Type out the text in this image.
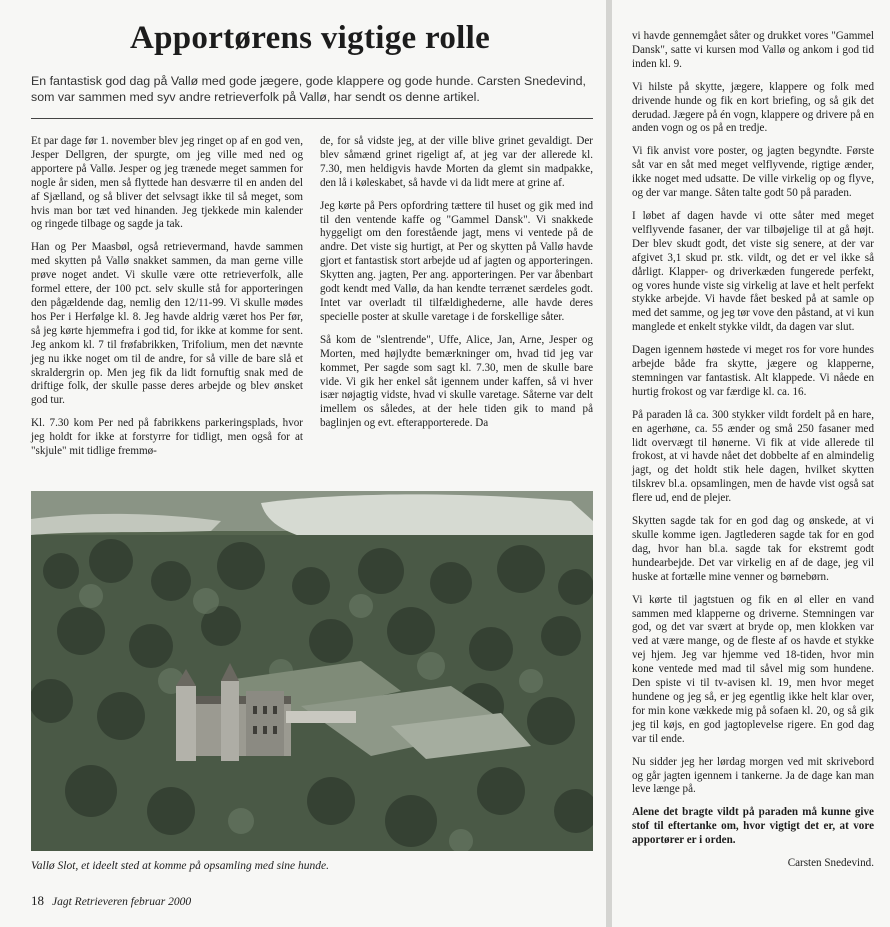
Apportørens vigtige rolle

En fantastisk god dag på Vallø med gode jægere, gode klappere og gode hunde. Carsten Snedevind, som var sammen med syv andre retrieverfolk på Vallø, har sendt os denne artikel.

Et par dage før 1. november blev jeg ringet op af en god ven, Jesper Dellgren, der spurgte, om jeg ville med ned og apportere på Vallø. Jesper og jeg trænede meget sammen for nogle år siden, men så flyttede han desværre til en anden del af Sjælland, og så bliver det selvsagt ikke til så meget, som hvis man bor tæt ved hinanden. Jeg tjekkede min kalender og ringede tilbage og sagde ja tak.

Han og Per Maasbøl, også retrievermand, havde sammen med skytten på Vallø snakket sammen, da man gerne ville prøve noget andet. Vi skulle være otte retrieverfolk, alle formel ettere, der 100 pct. selv skulle stå for apporteringen den pågældende dag, nemlig den 12/11-99. Vi skulle mødes hos Per i Herfølge kl. 8. Jeg havde aldrig været hos Per før, så jeg kørte hjemmefra i god tid, for ikke at komme for sent. Jeg ankom kl. 7 til frøfabrikken, Trifolium, men det nævnte jeg nu ikke noget om til de andre, for så ville de bare slå et skraldergrin op. Men jeg fik da lidt fornuftig snak med de driftige folk, der skulle passe deres arbejde og blev ønsket god tur.

Kl. 7.30 kom Per ned på fabrikkens parkeringsplads, hvor jeg holdt for ikke at forstyrre for tidligt, men også for at "skjule" mit tidlige fremmø-

de, for så vidste jeg, at der ville blive grinet gevaldigt. Der blev såmænd grinet rigeligt af, at jeg var der allerede kl. 7.30, men heldigvis havde Morten da glemt sin madpakke, den lå i køleskabet, så havde vi da lidt mere at grine af.

Jeg kørte på Pers opfordring tættere til huset og gik med ind til den ventende kaffe og "Gammel Dansk". Vi snakkede hyggeligt om den forestående jagt, mens vi ventede på de andre. Det viste sig hurtigt, at Per og skytten på Vallø havde gjort et fantastisk stort arbejde ud af jagten og apporteringen. Skytten ang. jagten, Per ang. apporteringen. Per var åbenbart godt kendt med Vallø, da han kendte terrænet særdeles godt. Intet var overladt til tilfældighederne, alle havde deres specielle poster at skulle varetage i de forskellige såter.

Så kom de "slentrende", Uffe, Alice, Jan, Arne, Jesper og Morten, med højlydte bemærkninger om, hvad tid jeg var kommet, Per sagde som sagt kl. 7.30, men de skulle bare vide. Vi gik her enkel såt igennem under kaffen, så vi hver især nøjagtig vidste, hvad vi skulle varetage. Såterne var delt imellem os således, at der hele tiden gik to mand på baglinjen og evt. efterapporterede. Da

Vallø Slot, et ideelt sted at komme på opsamling med sine hunde.
18 Jagt Retrieveren februar 2000

vi havde gennemgået såter og drukket vores "Gammel Dansk", satte vi kursen mod Vallø og ankom i god tid inden kl. 9.

Vi hilste på skytte, jægere, klappere og folk med drivende hunde og fik en kort briefing, og så gik det derudad. Jægere på én vogn, klappere og drivere på en anden vogn og os på en tredje.

Vi fik anvist vore poster, og jagten begyndte. Første såt var en såt med meget velflyvende, rigtige ænder, ikke noget med udsatte. De ville virkelig op og flyve, og der var mange. Såten talte godt 50 på paraden.

I løbet af dagen havde vi otte såter med meget velflyvende fasaner, der var tilbøjelige til at gå højt. Der blev skudt godt, det viste sig senere, at der var afgivet 3,1 skud pr. stk. vildt, og det er vel ikke så dårligt. Klapper- og driverkæden fungerede perfekt, og vores hunde viste sig virkelig at lave et helt perfekt stykke arbejde. Vi havde fået besked på at samle op med det samme, og jeg tør vove den påstand, at vi kun manglede et enkelt stykke vildt, da dagen var slut.

Dagen igennem høstede vi meget ros for vore hundes arbejde både fra skytte, jægere og klapperne, stemningen var fantastisk. Alt klappede. Vi nåede en hurtig frokost og var færdige kl. ca. 16.

På paraden lå ca. 300 stykker vildt fordelt på en hare, en agerhøne, ca. 55 ænder og små 250 fasaner med lidt overvægt til hønerne. Vi fik at vide allerede til frokost, at vi havde nået det dobbelte af en almindelig jagt, og det holdt stik hele dagen, hvilket skytten tilskrev bl.a. opsamlingen, men de havde vist også sat flere ud, end de plejer.

Skytten sagde tak for en god dag og ønskede, at vi skulle komme igen. Jagtlederen sagde tak for en god dag, hvor han bl.a. sagde tak for ekstremt godt hundearbejde. Det var virkelig en af de dage, jeg vil huske at fortælle mine venner og børnebørn.

Vi kørte til jagtstuen og fik en øl eller en vand sammen med klapperne og driverne. Stemningen var god, og det var svært at bryde op, men klokken var ved at være mange, og de fleste af os havde et stykke vej hjem. Jeg var hjemme ved 18-tiden, hvor min kone ventede med mad til såvel mig som hundene. Den spiste vi til tv-avisen kl. 19, men hvor meget hundene og jeg så, er jeg egentlig ikke helt klar over, for min kone vækkede mig på sofaen kl. 20, og så gik jeg til køjs, en god jagtoplevelse rigere. En god dag var til ende.

Nu sidder jeg her lørdag morgen ved mit skrivebord og går jagten igennem i tankerne. Ja de dage kan man leve længe på.

Alene det bragte vildt på paraden må kunne give stof til eftertanke om, hvor vigtigt det er, at vore apportører er i orden.

Carsten Snedevind.
